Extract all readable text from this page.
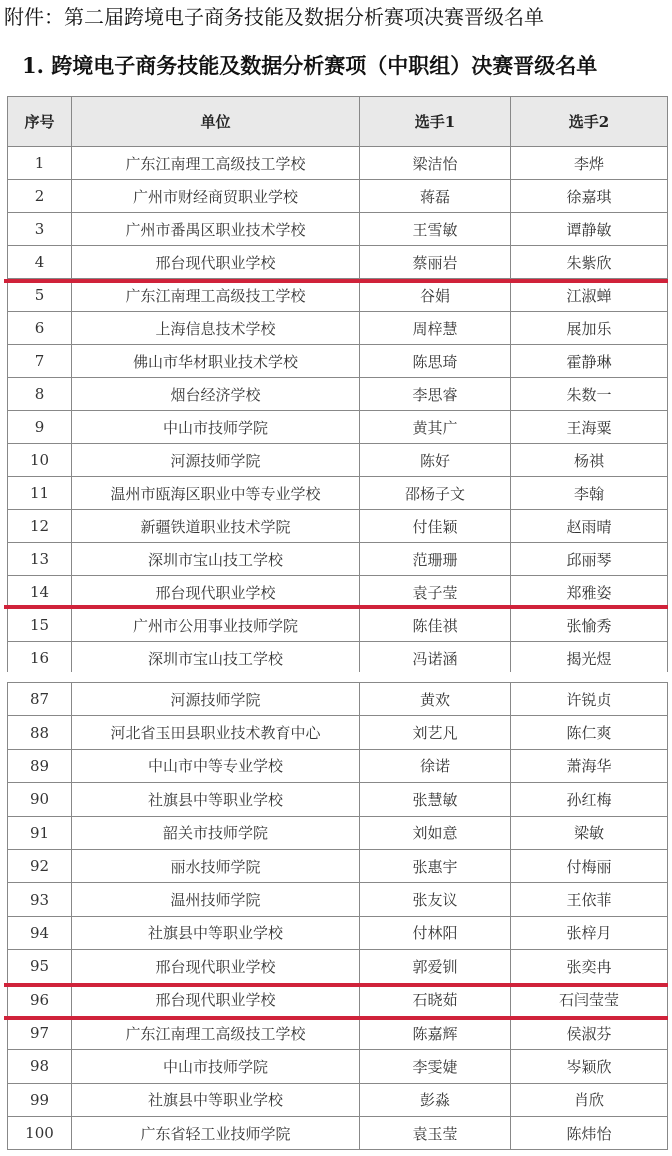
附件：第二届跨境电子商务技能及数据分析赛项决赛晋级名单
1. 跨境电子商务技能及数据分析赛项（中职组）决赛晋级名单
序号	单位	选手1	选手2
1	广东江南理工高级技工学校	梁洁怡	李烨
2	广州市财经商贸职业学校	蒋磊	徐嘉琪
3	广州市番禺区职业技术学校	王雪敏	谭静敏
4	邢台现代职业学校	蔡丽岩	朱紫欣
5	广东江南理工高级技工学校	谷娟	江淑蝉
6	上海信息技术学校	周梓慧	展加乐
7	佛山市华材职业技术学校	陈思琦	霍静琳
8	烟台经济学校	李思睿	朱数一
9	中山市技师学院	黄其广	王海粟
10	河源技师学院	陈好	杨祺
11	温州市瓯海区职业中等专业学校	邵杨子文	李翰
12	新疆铁道职业技术学院	付佳颖	赵雨晴
13	深圳市宝山技工学校	范珊珊	邱丽琴
14	邢台现代职业学校	袁子莹	郑雅姿
15	广州市公用事业技师学院	陈佳祺	张愉秀
16	深圳市宝山技工学校	冯诺涵	揭光煜
87	河源技师学院	黄欢	许锐贞
88	河北省玉田县职业技术教育中心	刘艺凡	陈仁爽
89	中山市中等专业学校	徐诺	萧海华
90	社旗县中等职业学校	张慧敏	孙红梅
91	韶关市技师学院	刘如意	梁敏
92	丽水技师学院	张惠宇	付梅丽
93	温州技师学院	张友议	王依菲
94	社旗县中等职业学校	付林阳	张梓月
95	邢台现代职业学校	郭爱钏	张奕冉
96	邢台现代职业学校	石晓茹	石闫莹莹
97	广东江南理工高级技工学校	陈嘉辉	侯淑芬
98	中山市技师学院	李雯婕	岑颖欣
99	社旗县中等职业学校	彭淼	肖欣
100	广东省轻工业技师学院	袁玉莹	陈炜怡
